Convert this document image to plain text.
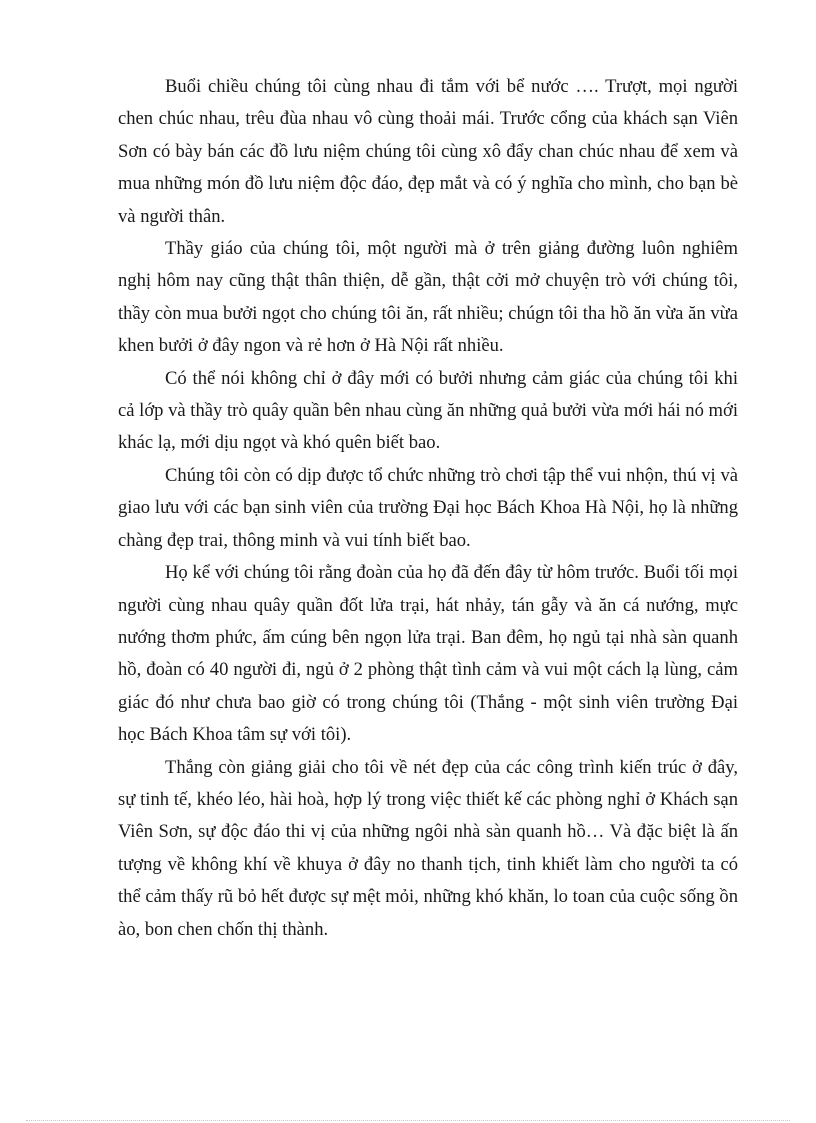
Buổi chiều chúng tôi cùng nhau đi tắm với bể nước …. Trượt, mọi người chen chúc nhau, trêu đùa nhau vô cùng thoải mái. Trước cổng của khách sạn Viên Sơn có bày bán các đồ lưu niệm chúng tôi cùng xô đẩy chan chúc nhau để xem và mua những món đồ lưu niệm độc đáo, đẹp mắt và có ý nghĩa cho mình, cho bạn bè và người thân.

Thầy giáo của chúng tôi, một người mà ở trên giảng đường luôn nghiêm nghị hôm nay cũng thật thân thiện, dễ gần, thật cởi mở chuyện trò với chúng tôi, thầy còn mua bưởi ngọt cho chúng tôi ăn, rất nhiều; chúgn tôi tha hồ ăn vừa ăn vừa khen bưởi ở đây ngon và rẻ hơn ở Hà Nội rất nhiều.

Có thể nói không chỉ ở đây mới có bưởi nhưng cảm giác của chúng tôi khi cả lớp và thầy trò quây quần bên nhau cùng ăn những quả bưởi vừa mới hái nó mới khác lạ, mới dịu ngọt và khó quên biết bao.

Chúng tôi còn có dịp được tổ chức những trò chơi tập thể vui nhộn, thú vị và giao lưu với các bạn sinh viên của trường Đại học Bách Khoa Hà Nội, họ là những chàng đẹp trai, thông minh và vui tính biết bao.

Họ kể với chúng tôi rằng đoàn của họ đã đến đây từ hôm trước. Buổi tối mọi người cùng nhau quây quần đốt lửa trại, hát nhảy, tán gẫy và ăn cá nướng, mực nướng thơm phức, ấm cúng bên ngọn lửa trại. Ban đêm, họ ngủ tại nhà sàn quanh hồ, đoàn có 40 người đi, ngủ ở 2 phòng thật tình cảm và vui một cách lạ lùng, cảm giác đó như chưa bao giờ có trong chúng tôi (Thắng - một sinh viên trường Đại học Bách Khoa tâm sự với tôi).

Thắng còn giảng giải cho tôi về nét đẹp của các công trình kiến trúc ở đây, sự tinh tế, khéo léo, hài hoà, hợp lý trong việc thiết kế các phòng nghỉ ở Khách sạn Viên Sơn, sự độc đáo thi vị của những ngôi nhà sàn quanh hồ… Và đặc biệt là ấn tượng về không khí về khuya ở đây no thanh tịch, tinh khiết làm cho người ta có thể cảm thấy rũ bỏ hết được sự mệt mỏi, những khó khăn, lo toan của cuộc sống ồn ào, bon chen chốn thị thành.
